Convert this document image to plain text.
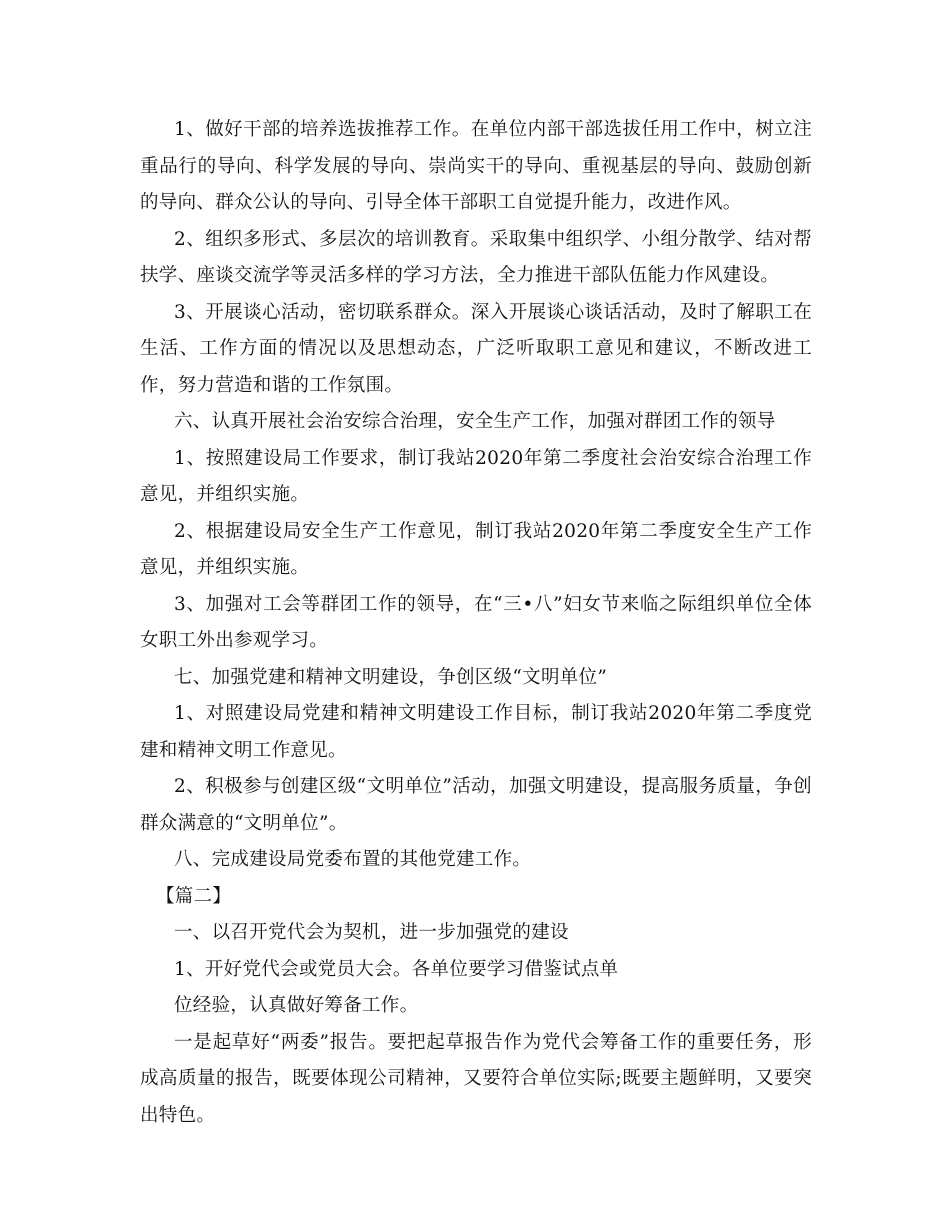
1、做好干部的培养选拔推荐工作。在单位内部干部选拔任用工作中，树立注重品行的导向、科学发展的导向、崇尚实干的导向、重视基层的导向、鼓励创新的导向、群众公认的导向、引导全体干部职工自觉提升能力，改进作风。

2、组织多形式、多层次的培训教育。采取集中组织学、小组分散学、结对帮扶学、座谈交流学等灵活多样的学习方法，全力推进干部队伍能力作风建设。

3、开展谈心活动，密切联系群众。深入开展谈心谈话活动，及时了解职工在生活、工作方面的情况以及思想动态，广泛听取职工意见和建议，不断改进工作，努力营造和谐的工作氛围。

六、认真开展社会治安综合治理，安全生产工作，加强对群团工作的领导

1、按照建设局工作要求，制订我站2020年第二季度社会治安综合治理工作意见，并组织实施。

2、根据建设局安全生产工作意见，制订我站2020年第二季度安全生产工作意见，并组织实施。

3、加强对工会等群团工作的领导，在“三•八”妇女节来临之际组织单位全体女职工外出参观学习。

七、加强党建和精神文明建设，争创区级“文明单位”

1、对照建设局党建和精神文明建设工作目标，制订我站2020年第二季度党建和精神文明工作意见。

2、积极参与创建区级“文明单位”活动，加强文明建设，提高服务质量，争创群众满意的“文明单位”。

八、完成建设局党委布置的其他党建工作。

【篇二】

一、以召开党代会为契机，进一步加强党的建设

1、开好党代会或党员大会。各单位要学习借鉴试点单

位经验，认真做好筹备工作。

一是起草好“两委”报告。要把起草报告作为党代会筹备工作的重要任务，形成高质量的报告，既要体现公司精神，又要符合单位实际;既要主题鲜明，又要突出特色。
